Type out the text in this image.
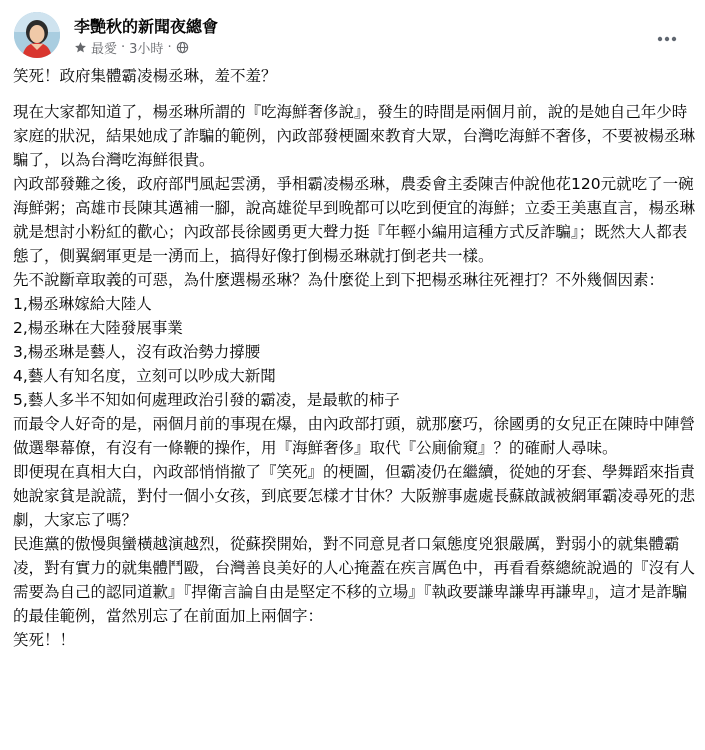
李艷秋的新聞夜總會
最愛 · 3小時 ·

笑死！政府集體霸凌楊丞琳，羞不羞？

現在大家都知道了，楊丞琳所謂的『吃海鮮奢侈說』，發生的時間是兩個月前，說的是她自己年少時家庭的狀況，結果她成了詐騙的範例，內政部發梗圖來教育大眾，台灣吃海鮮不奢侈，不要被楊丞琳騙了，以為台灣吃海鮮很貴。

內政部發難之後，政府部門風起雲湧，爭相霸凌楊丞琳，農委會主委陳吉仲說他花120元就吃了一碗海鮮粥；高雄市長陳其邁補一腳，說高雄從早到晚都可以吃到便宜的海鮮；立委王美惠直言，楊丞琳就是想討小粉紅的歡心；內政部長徐國勇更大聲力挺『年輕小編用這種方式反詐騙』；既然大人都表態了，側翼網軍更是一湧而上，搞得好像打倒楊丞琳就打倒老共一樣。

先不說斷章取義的可惡，為什麼選楊丞琳？為什麼從上到下把楊丞琳往死裡打？不外幾個因素：

1,楊丞琳嫁給大陸人

2,楊丞琳在大陸發展事業

3,楊丞琳是藝人，沒有政治勢力撐腰

4,藝人有知名度，立刻可以吵成大新聞

5,藝人多半不知如何處理政治引發的霸凌，是最軟的柿子

而最令人好奇的是，兩個月前的事現在爆，由內政部打頭，就那麼巧，徐國勇的女兒正在陳時中陣營做選舉幕僚，有沒有一條鞭的操作，用『海鮮奢侈』取代『公廁偷窺』？的確耐人尋味。

即便現在真相大白，內政部悄悄撤了『笑死』的梗圖，但霸凌仍在繼續，從她的牙套、學舞蹈來指責她說家貧是說謊，對付一個小女孩，到底要怎樣才甘休？大阪辦事處處長蘇啟誠被網軍霸凌尋死的悲劇，大家忘了嗎？

民進黨的傲慢與蠻橫越演越烈，從蘇揆開始，對不同意見者口氣態度兇狠嚴厲，對弱小的就集體霸凌，對有實力的就集體鬥毆，台灣善良美好的人心掩蓋在疾言厲色中，再看看蔡總統說過的『沒有人需要為自己的認同道歉』『捍衛言論自由是堅定不移的立場』『執政要謙卑謙卑再謙卑』，這才是詐騙的最佳範例，當然別忘了在前面加上兩個字：

笑死！！
